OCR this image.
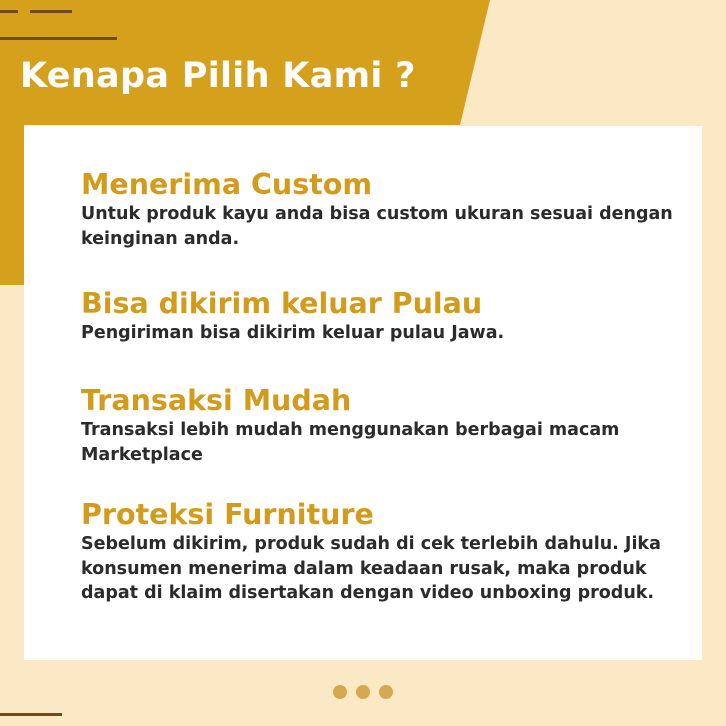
Kenapa Pilih Kami ?
Menerima Custom

Untuk produk kayu anda bisa custom ukuran sesuai dengan keinginan anda.

Bisa dikirim keluar Pulau

Pengiriman bisa dikirim keluar pulau Jawa.

Transaksi Mudah

Transaksi lebih mudah menggunakan berbagai macam Marketplace

Proteksi Furniture

Sebelum dikirim, produk sudah di cek terlebih dahulu. Jika konsumen menerima dalam keadaan rusak, maka produk dapat di klaim disertakan dengan video unboxing produk.
